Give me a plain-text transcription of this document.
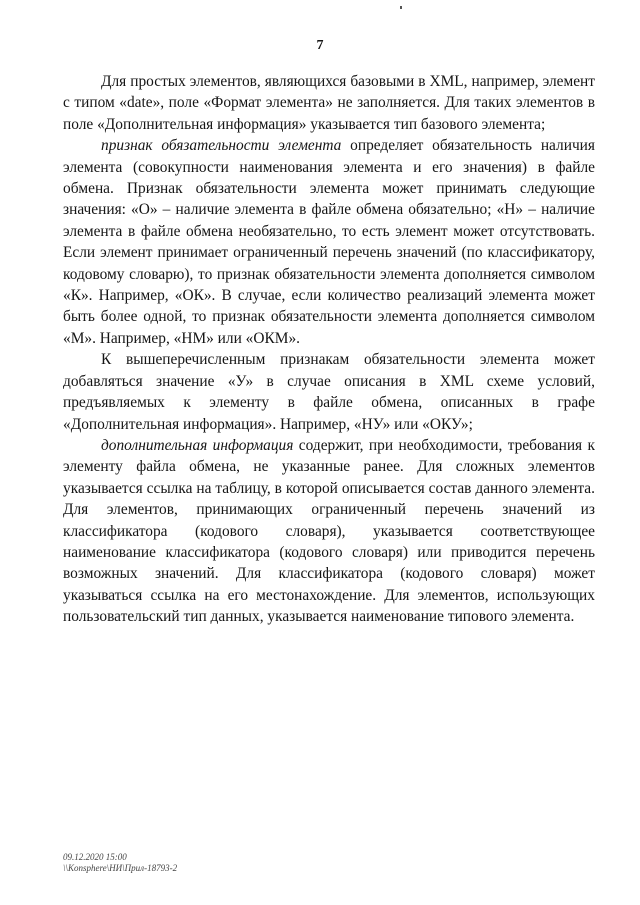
7

Для простых элементов, являющихся базовыми в XML, например, элемент с типом «date», поле «Формат элемента» не заполняется. Для таких элементов в поле «Дополнительная информация» указывается тип базового элемента;

признак обязательности элемента определяет обязательность наличия элемента (совокупности наименования элемента и его значения) в файле обмена. Признак обязательности элемента может принимать следующие значения: «О» – наличие элемента в файле обмена обязательно; «Н» – наличие элемента в файле обмена необязательно, то есть элемент может отсутствовать. Если элемент принимает ограниченный перечень значений (по классификатору, кодовому словарю), то признак обязательности элемента дополняется символом «К». Например, «ОК». В случае, если количество реализаций элемента может быть более одной, то признак обязательности элемента дополняется символом «М». Например, «НМ» или «ОКМ».

К вышеперечисленным признакам обязательности элемента может добавляться значение «У» в случае описания в XML схеме условий, предъявляемых к элементу в файле обмена, описанных в графе «Дополнительная информация». Например, «НУ» или «ОКУ»;

дополнительная информация содержит, при необходимости, требования к элементу файла обмена, не указанные ранее. Для сложных элементов указывается ссылка на таблицу, в которой описывается состав данного элемента. Для элементов, принимающих ограниченный перечень значений из классификатора (кодового словаря), указывается соответствующее наименование классификатора (кодового словаря) или приводится перечень возможных значений. Для классификатора (кодового словаря) может указываться ссылка на его местонахождение. Для элементов, использующих пользовательский тип данных, указывается наименование типового элемента.

09.12.2020 15:00
\\Konsphere\НИ\Прил-18793-2
